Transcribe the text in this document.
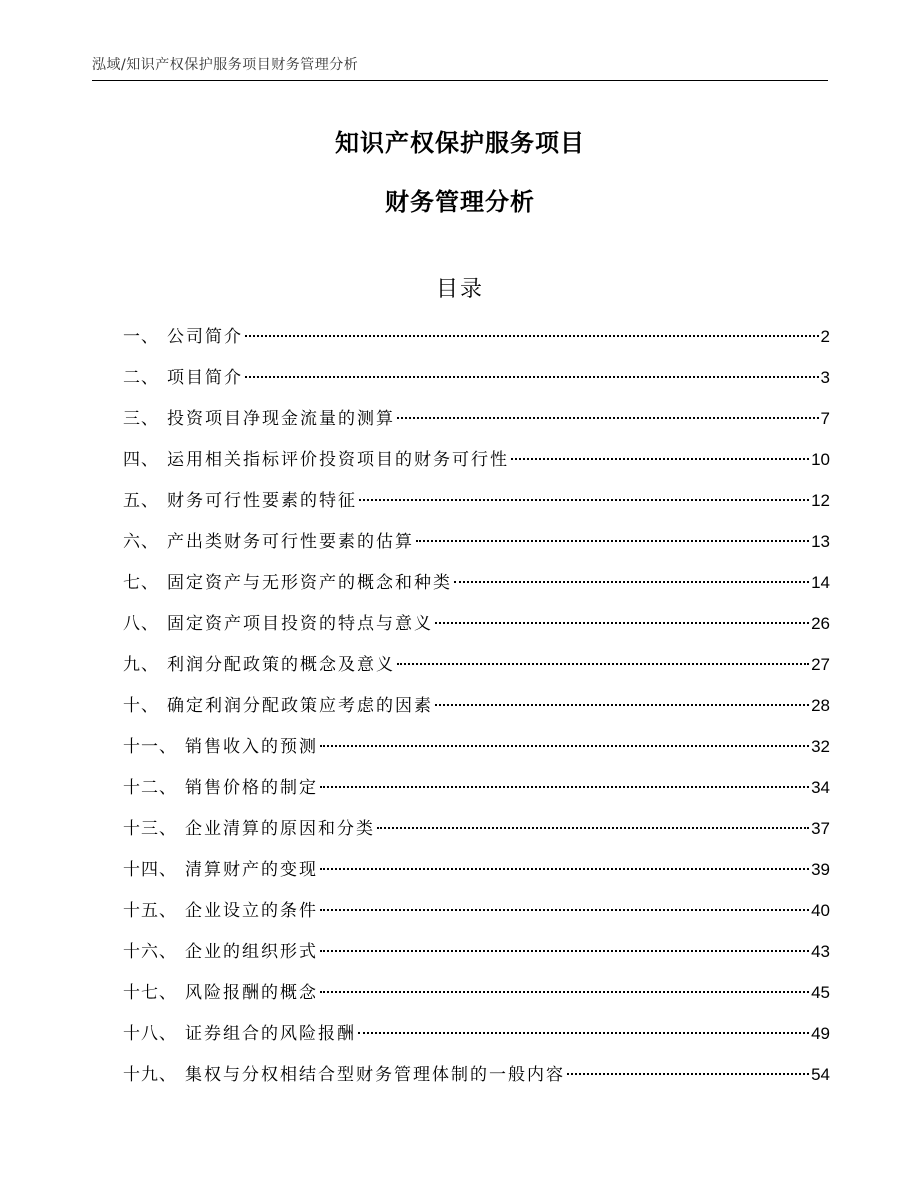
泓域/知识产权保护服务项目财务管理分析
知识产权保护服务项目
财务管理分析
目录
一、 公司简介	2
二、 项目简介	3
三、 投资项目净现金流量的测算	7
四、 运用相关指标评价投资项目的财务可行性	10
五、 财务可行性要素的特征	12
六、 产出类财务可行性要素的估算	13
七、 固定资产与无形资产的概念和种类	14
八、 固定资产项目投资的特点与意义	26
九、 利润分配政策的概念及意义	27
十、 确定利润分配政策应考虑的因素	28
十一、 销售收入的预测	32
十二、 销售价格的制定	34
十三、 企业清算的原因和分类	37
十四、 清算财产的变现	39
十五、 企业设立的条件	40
十六、 企业的组织形式	43
十七、 风险报酬的概念	45
十八、 证券组合的风险报酬	49
十九、 集权与分权相结合型财务管理体制的一般内容	54
